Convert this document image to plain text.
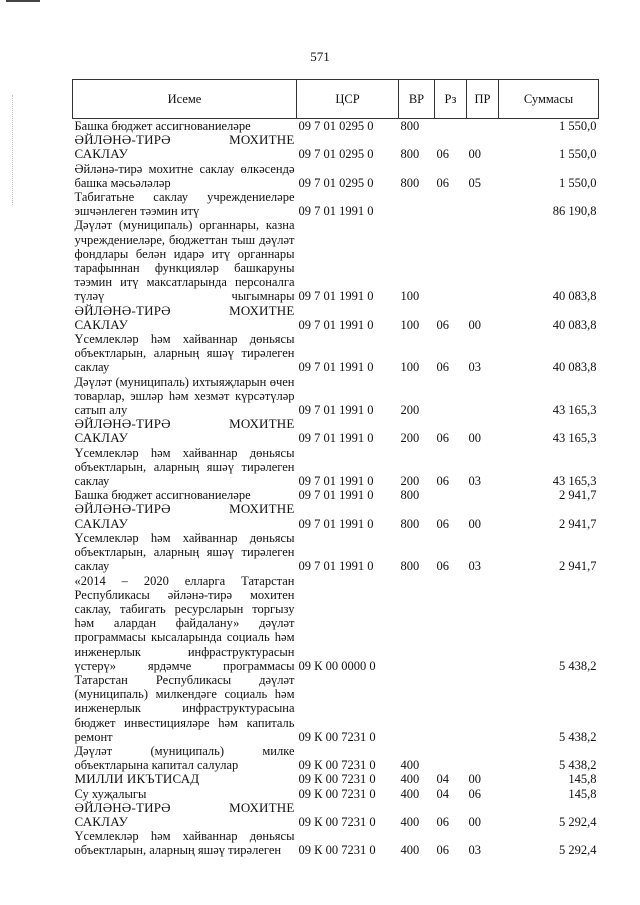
571
Исеме	ЦСР	ВР	Рз	ПР	Суммасы
Башка бюджет ассигнованиеләре	09 7 01 0295 0	800			1 550,0
ӘЙЛӘНӘ-ТИРӘ МОХИТНЕ САКЛАУ	09 7 01 0295 0	800	06	00	1 550,0
Әйләнә-тирә мохитне саклау өлкәсендә башка мәсьәләләр	09 7 01 0295 0	800	06	05	1 550,0
Табигатьне саклау учреждениеләре эшчәнлеген тәэмин итү	09 7 01 1991 0				86 190,8
Дәүләт (муниципаль) органнары, казна учреждениеләре, бюджеттан тыш дәүләт фондлары белән идарә итү органнары тарафыннан функцияләр башкаруны тәэмин итү максатларында персоналга түләү чыгымнары	09 7 01 1991 0	100			40 083,8
ӘЙЛӘНӘ-ТИРӘ МОХИТНЕ САКЛАУ	09 7 01 1991 0	100	06	00	40 083,8
Үсемлекләр һәм хайваннар дөньясы объектларын, аларның яшәү тирәлеген саклау	09 7 01 1991 0	100	06	03	40 083,8
Дәүләт (муниципаль) ихтыяҗларын өчен товарлар, эшләр һәм хезмәт күрсәтүләр сатып алу	09 7 01 1991 0	200			43 165,3
ӘЙЛӘНӘ-ТИРӘ МОХИТНЕ САКЛАУ	09 7 01 1991 0	200	06	00	43 165,3
Үсемлекләр һәм хайваннар дөньясы объектларын, аларның яшәү тирәлеген саклау	09 7 01 1991 0	200	06	03	43 165,3
Башка бюджет ассигнованиеләре	09 7 01 1991 0	800			2 941,7
ӘЙЛӘНӘ-ТИРӘ МОХИТНЕ САКЛАУ	09 7 01 1991 0	800	06	00	2 941,7
Үсемлекләр һәм хайваннар дөньясы объектларын, аларның яшәү тирәлеген саклау	09 7 01 1991 0	800	06	03	2 941,7
«2014 – 2020 елларга Татарстан Республикасы әйләнә-тирә мохитен саклау, табигать ресурсларын торгызу һәм алардан файдалану» дәүләт программасы кысаларында социаль һәм инженерлык инфраструктурасын үстерү» ярдәмче программасы	09 К 00 0000 0				5 438,2
Татарстан Республикасы дәүләт (муниципаль) милкендәге социаль һәм инженерлык инфраструктурасына бюджет инвестицияләре һәм капиталь ремонт	09 К 00 7231 0				5 438,2
Дәүләт (муниципаль) милке объектларына капитал салулар	09 К 00 7231 0	400			5 438,2
МИЛЛИ ИКЪТИСАД	09 К 00 7231 0	400	04	00	145,8
Су хуҗалыгы	09 К 00 7231 0	400	04	06	145,8
ӘЙЛӘНӘ-ТИРӘ МОХИТНЕ САКЛАУ	09 К 00 7231 0	400	06	00	5 292,4
Үсемлекләр һәм хайваннар дөньясы объектларын, аларның яшәү тирәлеген	09 К 00 7231 0	400	06	03	5 292,4
